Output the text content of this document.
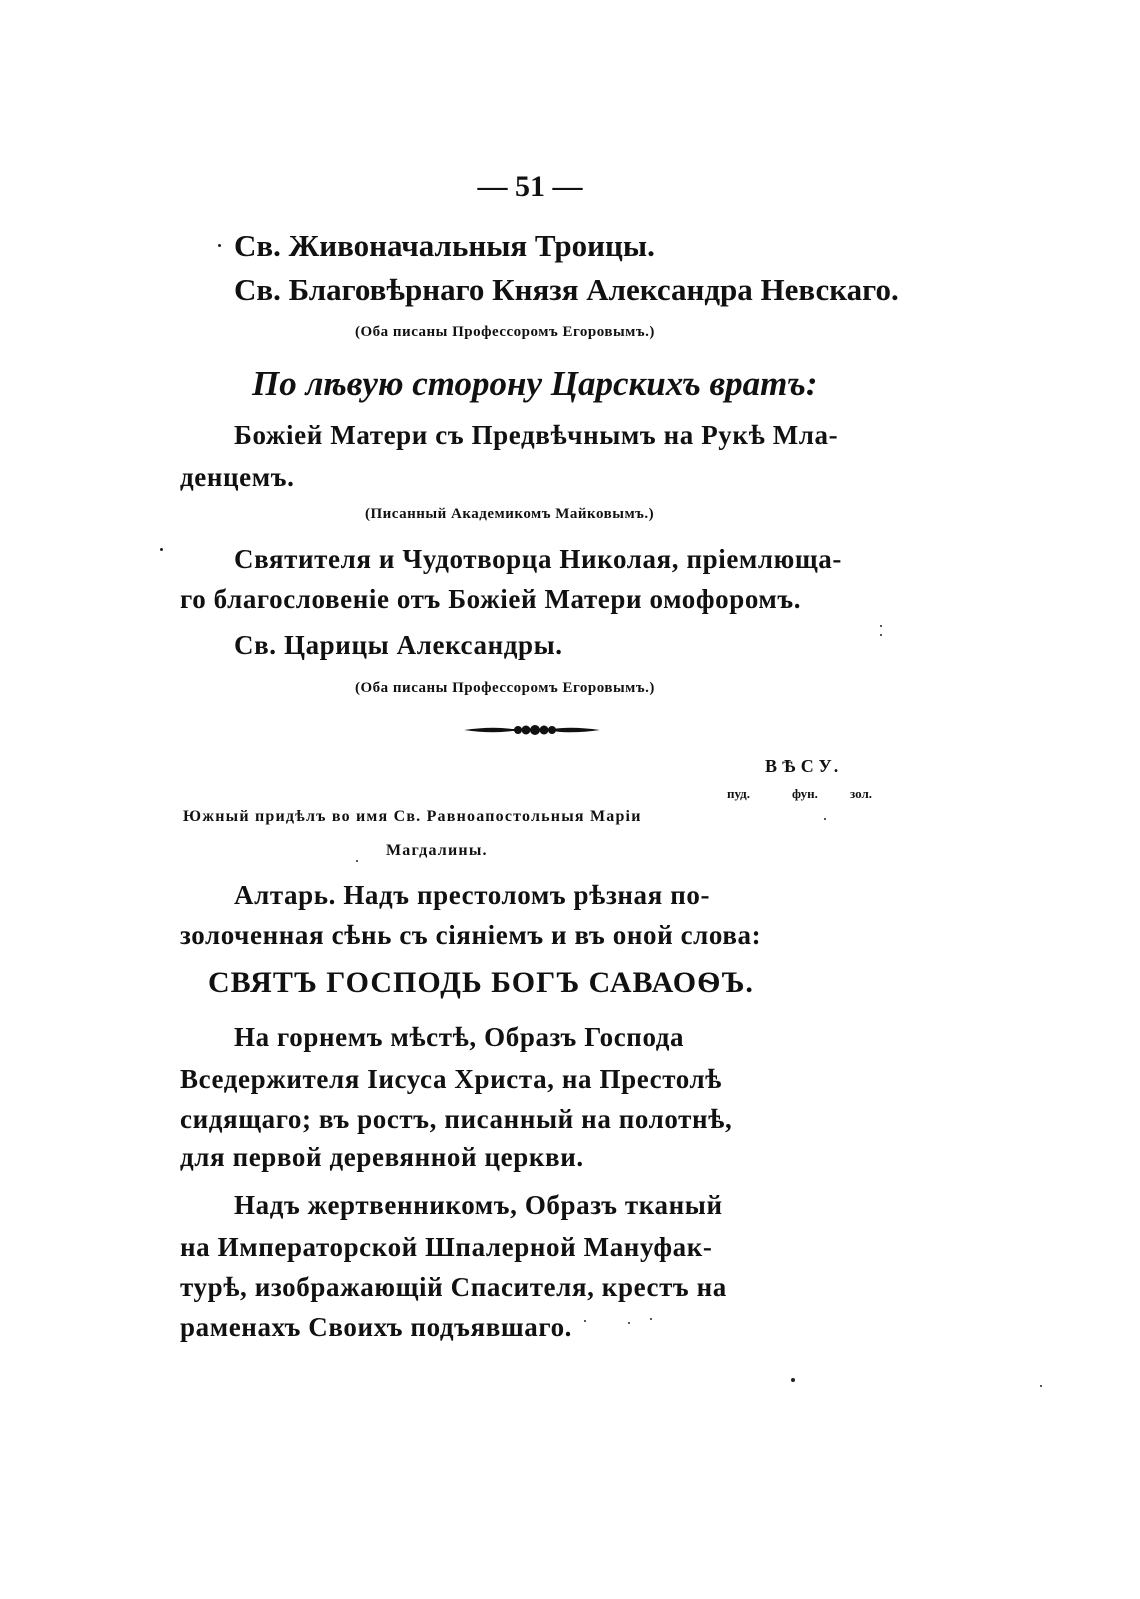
— 51 —
Св. Живоначальныя Троицы.
Св. Благовѣрнаго Князя Александра Невскаго.
(Оба писаны Профессоромъ Егоровымъ.)
По лѣвую сторону Царскихъ вратъ:
Божіей Матери съ Предвѣчнымъ на Рукѣ Мла-
денцемъ.
(Писанный Академикомъ Майковымъ.)
Святителя и Чудотворца Николая, пріемлюща-
го благословеніе отъ Божіей Матери омофоромъ.
Св. Царицы Александры.
(Оба писаны Профессоромъ Егоровымъ.)
ВѢСУ.
пуд.	фун. зол.
Южный придѣлъ во имя Св. Равноапостольныя Маріи
Магдалины.
Алтарь. Надъ престоломъ рѣзная по-
золоченная сѣнь съ сіяніемъ и въ оной слова:
СВЯТЪ ГОСПОДЬ БОГЪ САВАОѲЪ.
На горнемъ мѣстѣ, Образъ Господа
Вседержителя Іисуса Христа, на Престолѣ
сидящаго; въ ростъ, писанный на полотнѣ,
для первой деревянной церкви.
Надъ жертвенникомъ, Образъ тканый
на Императорской Шпалерной Мануфак-
турѣ, изображающій Спасителя, крестъ на
раменахъ Своихъ подъявшаго.
